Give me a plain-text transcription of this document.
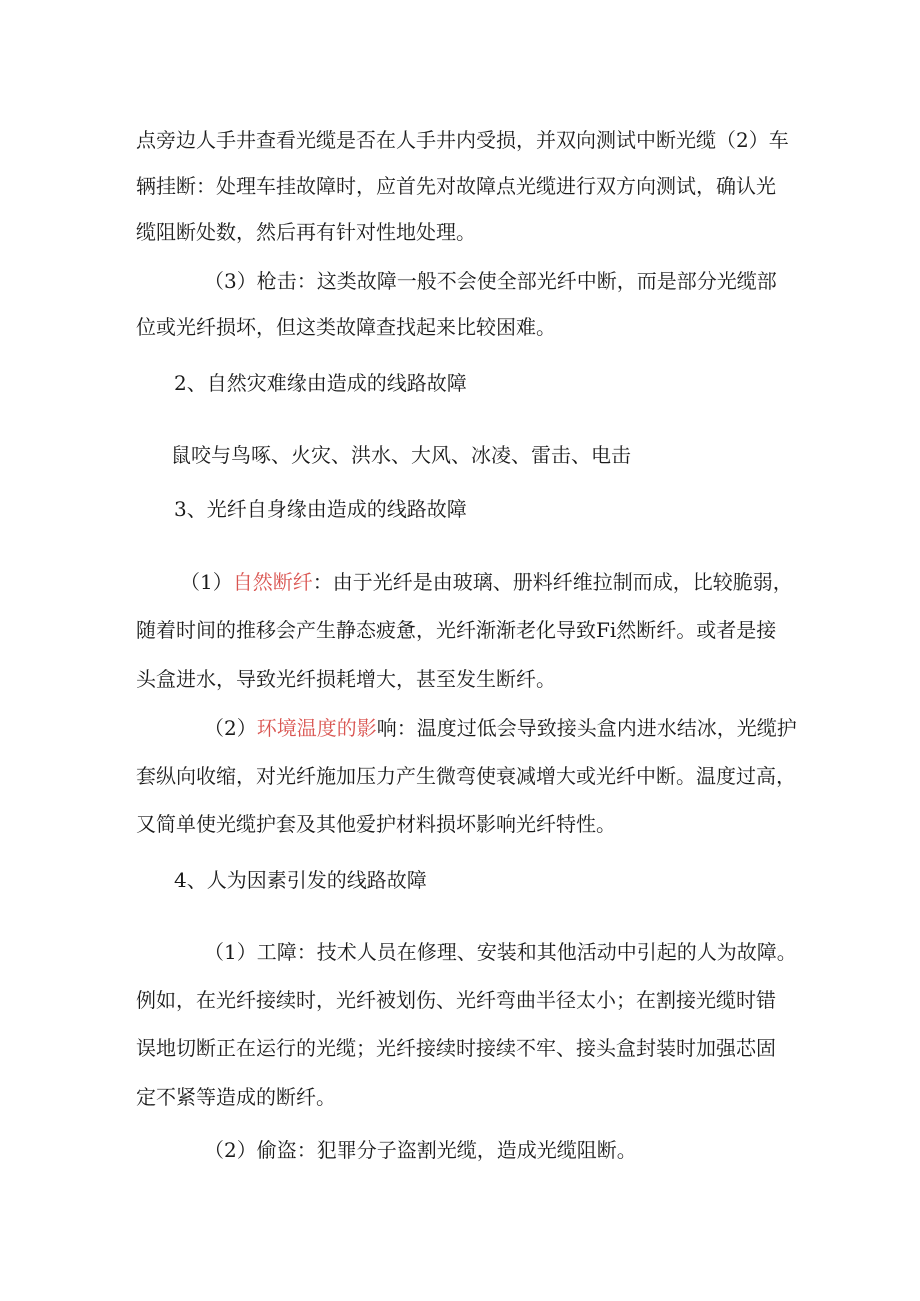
点旁边人手井查看光缆是否在人手井内受损，并双向测试中断光缆（2）车
辆挂断：处理车挂故障时，应首先对故障点光缆进行双方向测试，确认光
缆阻断处数，然后再有针对性地处理。
（3）枪击：这类故障一般不会使全部光纤中断，而是部分光缆部
位或光纤损坏，但这类故障查找起来比较困难。
2、自然灾难缘由造成的线路故障
鼠咬与鸟啄、火灾、洪水、大风、冰凌、雷击、电击
3、光纤自身缘由造成的线路故障
（1）自然断纤：由于光纤是由玻璃、册料纤维拉制而成，比较脆弱，
随着时间的推移会产生静态疲惫，光纤渐渐老化导致Fi然断纤。或者是接
头盒进水，导致光纤损耗增大，甚至发生断纤。
（2）环境温度的影响：温度过低会导致接头盒内进水结冰，光缆护
套纵向收缩，对光纤施加压力产生微弯使衰减增大或光纤中断。温度过高，
又简单使光缆护套及其他爱护材料损坏影响光纤特性。
4、人为因素引发的线路故障
（1）工障：技术人员在修理、安装和其他活动中引起的人为故障。
例如，在光纤接续时，光纤被划伤、光纤弯曲半径太小；在割接光缆时错
误地切断正在运行的光缆；光纤接续时接续不牢、接头盒封装时加强芯固
定不紧等造成的断纤。
（2）偷盗：犯罪分子盗割光缆，造成光缆阻断。
